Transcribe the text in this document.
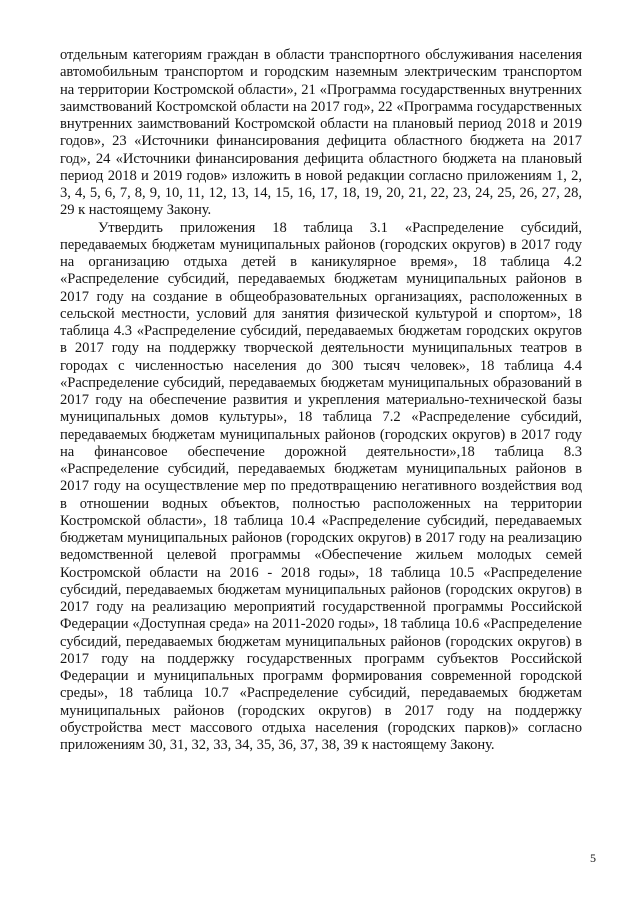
отдельным категориям граждан в области транспортного обслуживания населения автомобильным транспортом и городским наземным электрическим транспортом на территории Костромской области», 21 «Программа государственных внутренних заимствований Костромской области на 2017 год», 22 «Программа государственных внутренних заимствований Костромской области на плановый период 2018 и 2019 годов», 23 «Источники финансирования дефицита областного бюджета на 2017 год», 24 «Источники финансирования дефицита областного бюджета на плановый период 2018 и 2019 годов» изложить в новой редакции согласно приложениям 1, 2, 3, 4, 5, 6, 7, 8, 9, 10, 11, 12, 13, 14, 15, 16, 17, 18, 19, 20, 21, 22, 23, 24, 25, 26, 27, 28, 29 к настоящему Закону.

Утвердить приложения 18 таблица 3.1 «Распределение субсидий, передаваемых бюджетам муниципальных районов (городских округов) в 2017 году на организацию отдыха детей в каникулярное время», 18 таблица 4.2 «Распределение субсидий, передаваемых бюджетам муниципальных районов в 2017 году на создание в общеобразовательных организациях, расположенных в сельской местности, условий для занятия физической культурой и спортом», 18 таблица 4.3 «Распределение субсидий, передаваемых бюджетам городских округов в 2017 году на поддержку творческой деятельности муниципальных театров в городах с численностью населения до 300 тысяч человек», 18 таблица 4.4 «Распределение субсидий, передаваемых бюджетам муниципальных образований в 2017 году на обеспечение развития и укрепления материально-технической базы муниципальных домов культуры», 18 таблица 7.2 «Распределение субсидий, передаваемых бюджетам муниципальных районов (городских округов) в 2017 году на финансовое обеспечение дорожной деятельности»,18 таблица 8.3 «Распределение субсидий, передаваемых бюджетам муниципальных районов в 2017 году на осуществление мер по предотвращению негативного воздействия вод в отношении водных объектов, полностью расположенных на территории Костромской области», 18 таблица 10.4 «Распределение субсидий, передаваемых бюджетам муниципальных районов (городских округов) в 2017 году на реализацию ведомственной целевой программы «Обеспечение жильем молодых семей Костромской области на 2016 - 2018 годы», 18 таблица 10.5 «Распределение субсидий, передаваемых бюджетам муниципальных районов (городских округов) в 2017 году на реализацию мероприятий государственной программы Российской Федерации «Доступная среда» на 2011-2020 годы», 18 таблица 10.6 «Распределение субсидий, передаваемых бюджетам муниципальных районов (городских округов) в 2017 году на поддержку государственных программ субъектов Российской Федерации и муниципальных программ формирования современной городской среды», 18 таблица 10.7 «Распределение субсидий, передаваемых бюджетам муниципальных районов (городских округов) в 2017 году на поддержку обустройства мест массового отдыха населения (городских парков)» согласно приложениям 30, 31, 32, 33, 34, 35, 36, 37, 38, 39 к настоящему Закону.

5
